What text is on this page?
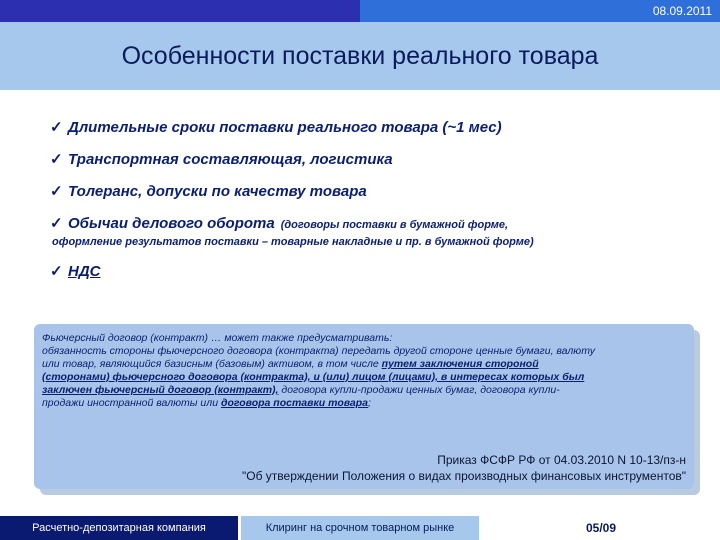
08.09.2011
Особенности поставки реального товара
✓ Длительные сроки поставки реального товара (~1 мес)
✓ Транспортная составляющая, логистика
✓ Толеранс, допуски по качеству товара
✓ Обычаи делового оборота (договоры поставки в бумажной форме,
оформление результатов поставки – товарные накладные и пр. в бумажной форме)
✓ НДС
Фьючерсный договор (контракт) … может также предусматривать:
обязанность стороны фьючерсного договора (контракта) передать другой стороне ценные бумаги, валюту
или товар, являющийся базисным (базовым) активом, в том числе путем заключения стороной
(сторонами) фьючерсного договора (контракта), и (или) лицом (лицами), в интересах которых был
заключен фьючерсный договор (контракт), договора купли-продажи ценных бумаг, договора купли-
продажи иностранной валюты или договора поставки товара;
Приказ ФСФР РФ от 04.03.2010 N 10-13/пз-н
"Об утверждении Положения о видах производных финансовых инструментов"
Расчетно-депозитарная компания	Клиринг на срочном товарном рынке	05/09
